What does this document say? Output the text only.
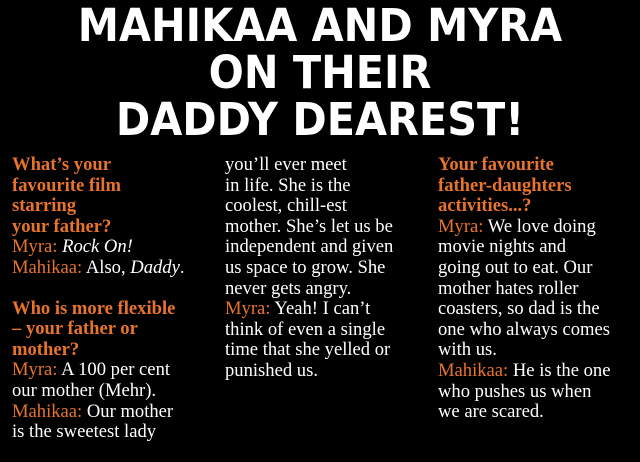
MAHIKAA AND MYRA
ON THEIR
DADDY DEAREST!
What’s your
favourite film
starring
your father?
Myra: Rock On!
Mahikaa: Also, Daddy.
Who is more flexible
– your father or
mother?
Myra: A 100 per cent
our mother (Mehr).
Mahikaa: Our mother
is the sweetest lady
you’ll ever meet
in life. She is the
coolest, chill-est
mother. She’s let us be
independent and given
us space to grow. She
never gets angry.
Myra: Yeah! I can’t
think of even a single
time that she yelled or
punished us.
Your favourite
father-daughters
activities...?
Myra: We love doing
movie nights and
going out to eat. Our
mother hates roller
coasters, so dad is the
one who always comes
with us.
Mahikaa: He is the one
who pushes us when
we are scared.
